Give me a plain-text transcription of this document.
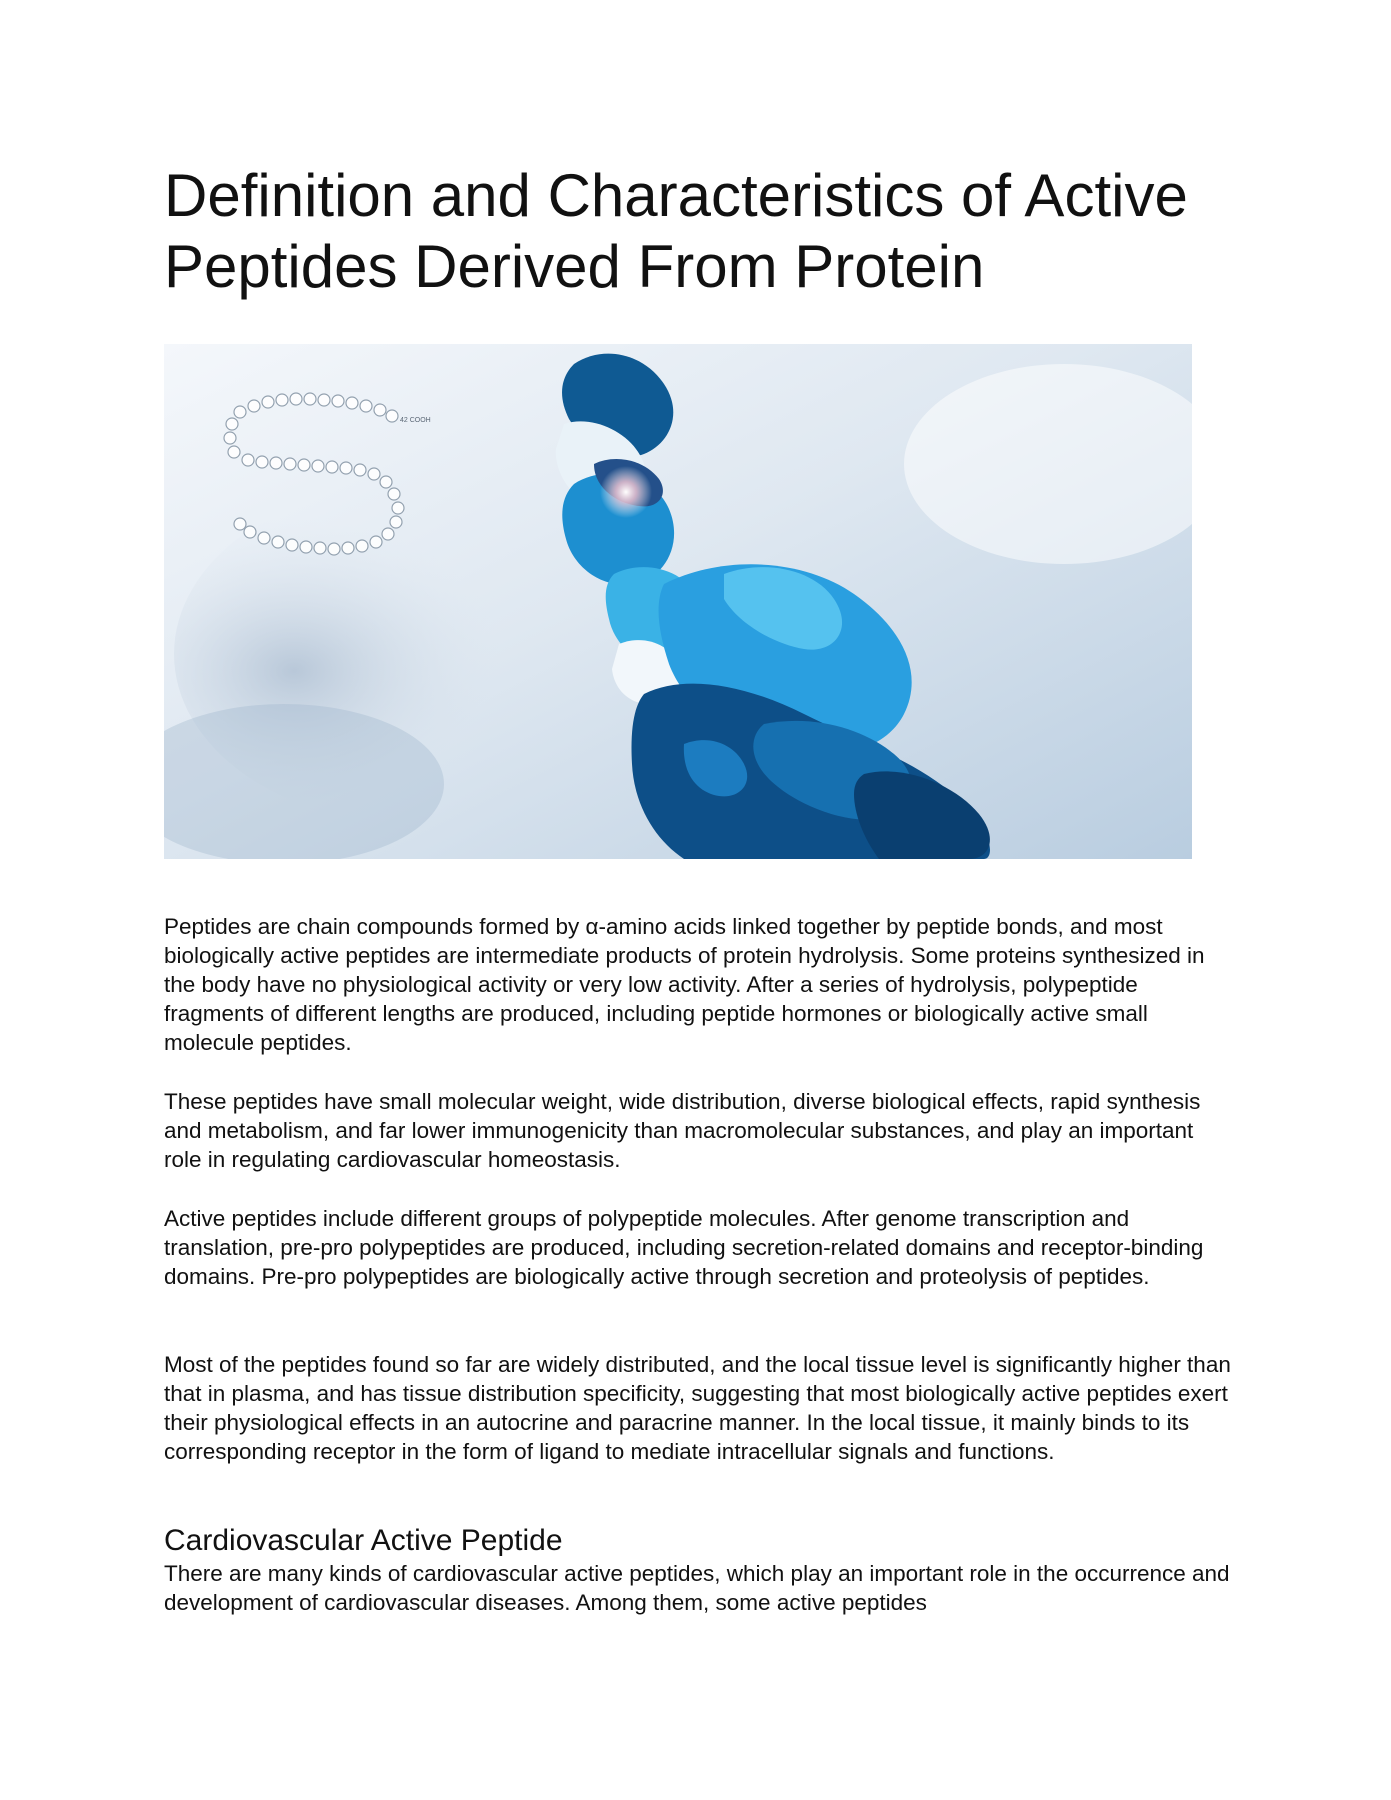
Definition and Characteristics of Active Peptides Derived From Protein
42 COOH

Peptides are chain compounds formed by α-amino acids linked together by peptide bonds, and most biologically active peptides are intermediate products of protein hydrolysis. Some proteins synthesized in the body have no physiological activity or very low activity. After a series of hydrolysis, polypeptide fragments of different lengths are produced, including peptide hormones or biologically active small molecule peptides.

These peptides have small molecular weight, wide distribution, diverse biological effects, rapid synthesis and metabolism, and far lower immunogenicity than macromolecular substances, and play an important role in regulating cardiovascular homeostasis.

Active peptides include different groups of polypeptide molecules. After genome transcription and translation, pre-pro polypeptides are produced, including secretion-related domains and receptor-binding domains. Pre-pro polypeptides are biologically active through secretion and proteolysis of peptides.

Most of the peptides found so far are widely distributed, and the local tissue level is significantly higher than that in plasma, and has tissue distribution specificity, suggesting that most biologically active peptides exert their physiological effects in an autocrine and paracrine manner. In the local tissue, it mainly binds to its corresponding receptor in the form of ligand to mediate intracellular signals and functions.

Cardiovascular Active Peptide

There are many kinds of cardiovascular active peptides, which play an important role in the occurrence and development of cardiovascular diseases. Among them, some active peptides
